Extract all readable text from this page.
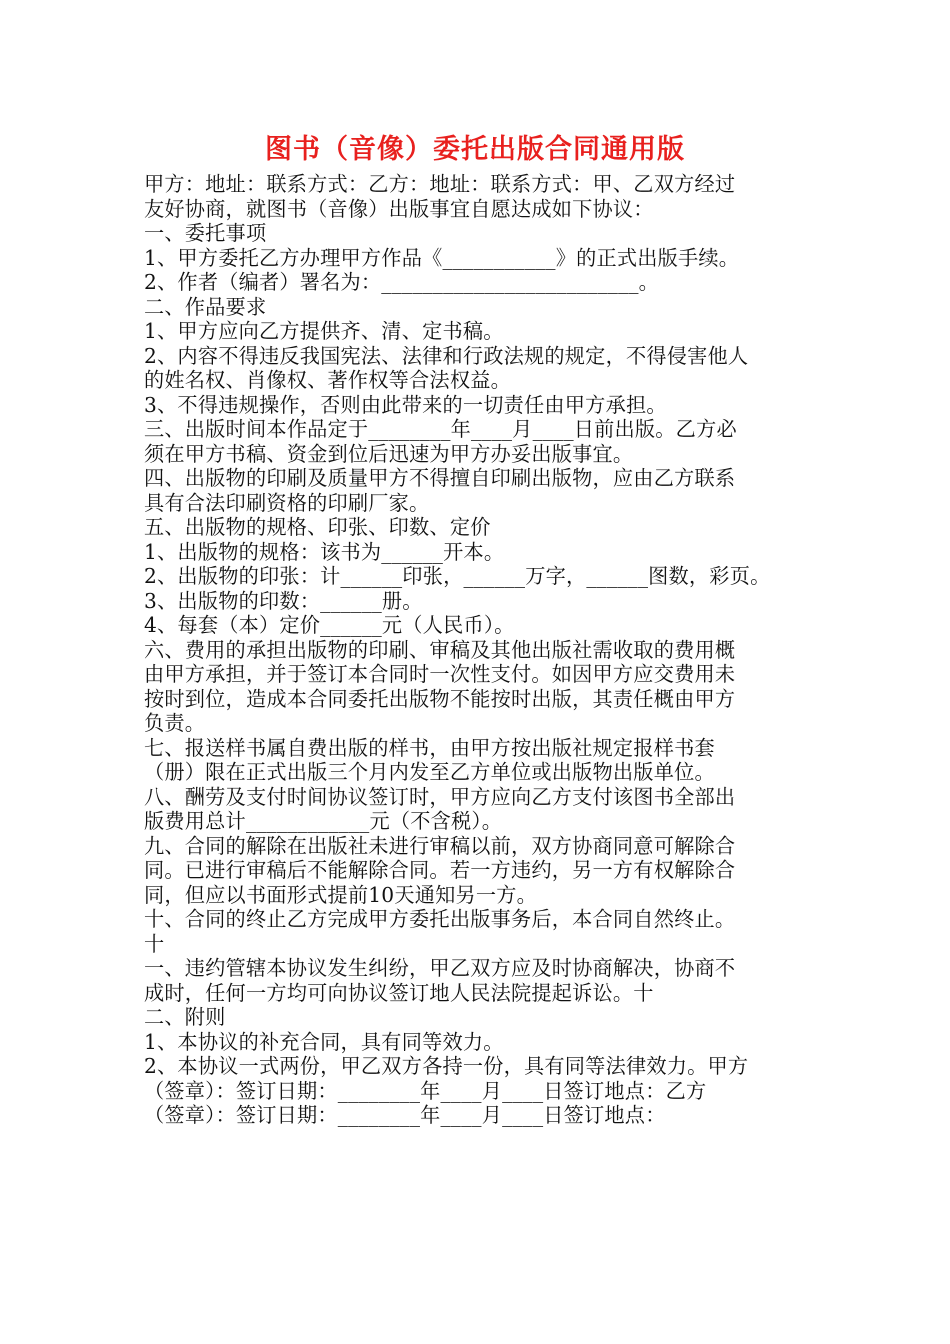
图书（音像）委托出版合同通用版
甲方：地址：联系方式：乙方：地址：联系方式：甲、乙双方经过
友好协商，就图书（音像）出版事宜自愿达成如下协议：
一、委托事项
1、甲方委托乙方办理甲方作品《___________》的正式出版手续。
2、作者（编者）署名为：_________________________。
二、作品要求
1、甲方应向乙方提供齐、清、定书稿。
2、内容不得违反我国宪法、法律和行政法规的规定，不得侵害他人
的姓名权、肖像权、著作权等合法权益。
3、不得违规操作，否则由此带来的一切责任由甲方承担。
三、出版时间本作品定于________年____月____日前出版。乙方必
须在甲方书稿、资金到位后迅速为甲方办妥出版事宜。
四、出版物的印刷及质量甲方不得擅自印刷出版物，应由乙方联系
具有合法印刷资格的印刷厂家。
五、出版物的规格、印张、印数、定价
1、出版物的规格：该书为______开本。
2、出版物的印张：计______印张，______万字，______图数，彩页。
3、出版物的印数：______册。
4、每套（本）定价______元（人民币）。
六、费用的承担出版物的印刷、审稿及其他出版社需收取的费用概
由甲方承担，并于签订本合同时一次性支付。如因甲方应交费用未
按时到位，造成本合同委托出版物不能按时出版，其责任概由甲方
负责。
七、报送样书属自费出版的样书，由甲方按出版社规定报样书套
（册）限在正式出版三个月内发至乙方单位或出版物出版单位。
八、酬劳及支付时间协议签订时，甲方应向乙方支付该图书全部出
版费用总计____________元（不含税）。
九、合同的解除在出版社未进行审稿以前，双方协商同意可解除合
同。已进行审稿后不能解除合同。若一方违约，另一方有权解除合
同，但应以书面形式提前10天通知另一方。
十、合同的终止乙方完成甲方委托出版事务后，本合同自然终止。
十
一、违约管辖本协议发生纠纷，甲乙双方应及时协商解决，协商不
成时，任何一方均可向协议签订地人民法院提起诉讼。十
二、附则
1、本协议的补充合同，具有同等效力。
2、本协议一式两份，甲乙双方各持一份，具有同等法律效力。甲方
（签章）：签订日期：________年____月____日签订地点：乙方
（签章）：签订日期：________年____月____日签订地点：
